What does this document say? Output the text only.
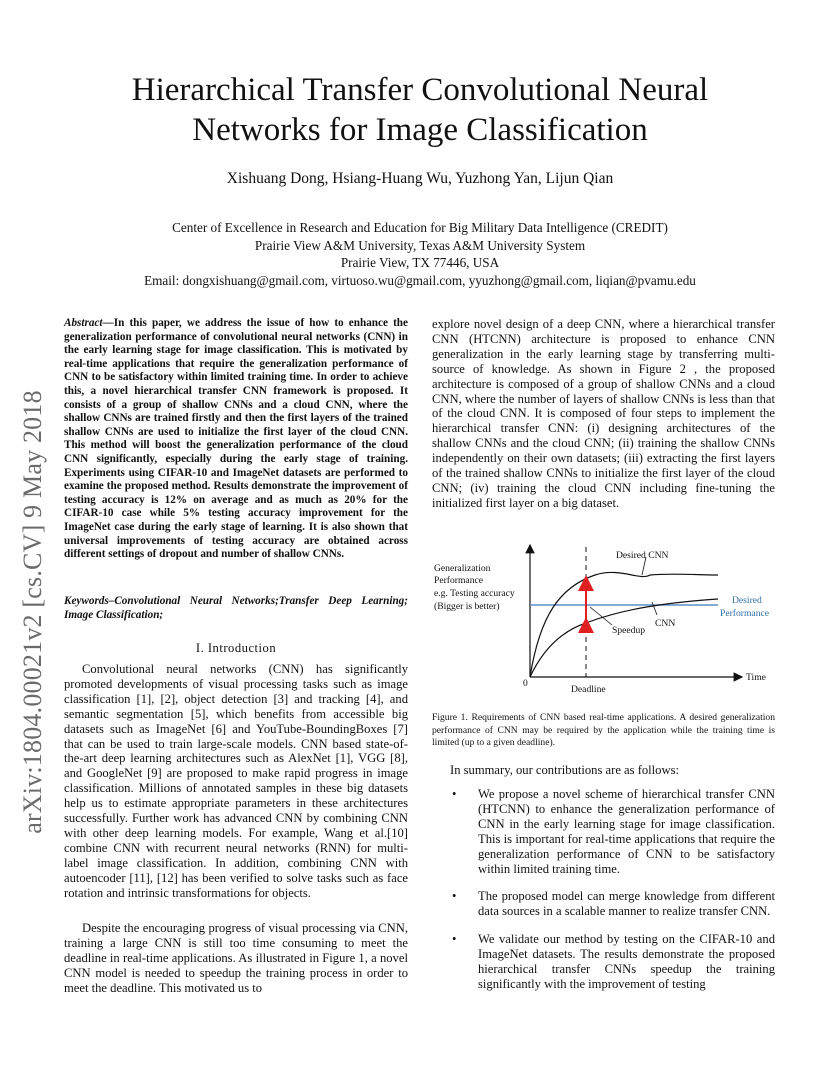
arXiv:1804.00021v2 [cs.CV] 9 May 2018
Hierarchical Transfer Convolutional Neural Networks for Image Classification
Xishuang Dong, Hsiang-Huang Wu, Yuzhong Yan, Lijun Qian
Center of Excellence in Research and Education for Big Military Data Intelligence (CREDIT)
Prairie View A&M University, Texas A&M University System
Prairie View, TX 77446, USA
Email: dongxishuang@gmail.com, virtuoso.wu@gmail.com, yyuzhong@gmail.com, liqian@pvamu.edu
Abstract—In this paper, we address the issue of how to enhance the generalization performance of convolutional neural networks (CNN) in the early learning stage for image classification. This is motivated by real-time applications that require the generalization performance of CNN to be satisfactory within limited training time. In order to achieve this, a novel hierarchical transfer CNN framework is proposed. It consists of a group of shallow CNNs and a cloud CNN, where the shallow CNNs are trained firstly and then the first layers of the trained shallow CNNs are used to initialize the first layer of the cloud CNN. This method will boost the generalization performance of the cloud CNN significantly, especially during the early stage of training. Experiments using CIFAR-10 and ImageNet datasets are performed to examine the proposed method. Results demonstrate the improvement of testing accuracy is 12% on average and as much as 20% for the CIFAR-10 case while 5% testing accuracy improvement for the ImageNet case during the early stage of learning. It is also shown that universal improvements of testing accuracy are obtained across different settings of dropout and number of shallow CNNs.
Keywords–Convolutional Neural Networks;Transfer Deep Learning; Image Classification;
I. Introduction

Convolutional neural networks (CNN) has significantly promoted developments of visual processing tasks such as image classification [1], [2], object detection [3] and tracking [4], and semantic segmentation [5], which benefits from accessible big datasets such as ImageNet [6] and YouTube-BoundingBoxes [7] that can be used to train large-scale models. CNN based state-of-the-art deep learning architectures such as AlexNet [1], VGG [8], and GoogleNet [9] are proposed to make rapid progress in image classification. Millions of annotated samples in these big datasets help us to estimate appropriate parameters in these architectures successfully. Further work has advanced CNN by combining CNN with other deep learning models. For example, Wang et al.[10] combine CNN with recurrent neural networks (RNN) for multi-label image classification. In addition, combining CNN with autoencoder [11], [12] has been verified to solve tasks such as face rotation and intrinsic transformations for objects.

Despite the encouraging progress of visual processing via CNN, training a large CNN is still too time consuming to meet the deadline in real-time applications. As illustrated in Figure 1, a novel CNN model is needed to speedup the training process in order to meet the deadline. This motivated us to

explore novel design of a deep CNN, where a hierarchical transfer CNN (HTCNN) architecture is proposed to enhance CNN generalization in the early learning stage by transferring multi-source of knowledge. As shown in Figure 2 , the proposed architecture is composed of a group of shallow CNNs and a cloud CNN, where the number of layers of shallow CNNs is less than that of the cloud CNN. It is composed of four steps to implement the hierarchical transfer CNN: (i) designing architectures of the shallow CNNs and the cloud CNN; (ii) training the shallow CNNs independently on their own datasets; (iii) extracting the first layers of the trained shallow CNNs to initialize the first layer of the cloud CNN; (iv) training the cloud CNN including fine-tuning the initialized first layer on a big dataset.

Generalization
Performance
e.g. Testing accuracy
(Bigger is better)
Desired CNN
CNN
Speedup
Desired
Performance
Time
Deadline
0
Figure 1. Requirements of CNN based real-time applications. A desired generalization performance of CNN may be required by the application while the training time is limited (up to a given deadline).
In summary, our contributions are as follows:
• We propose a novel scheme of hierarchical transfer CNN (HTCNN) to enhance the generalization performance of CNN in the early learning stage for image classification. This is important for real-time applications that require the generalization performance of CNN to be satisfactory within limited training time.
• The proposed model can merge knowledge from different data sources in a scalable manner to realize transfer CNN.
• We validate our method by testing on the CIFAR-10 and ImageNet datasets. The results demonstrate the proposed hierarchical transfer CNNs speedup the training significantly with the improvement of testing
